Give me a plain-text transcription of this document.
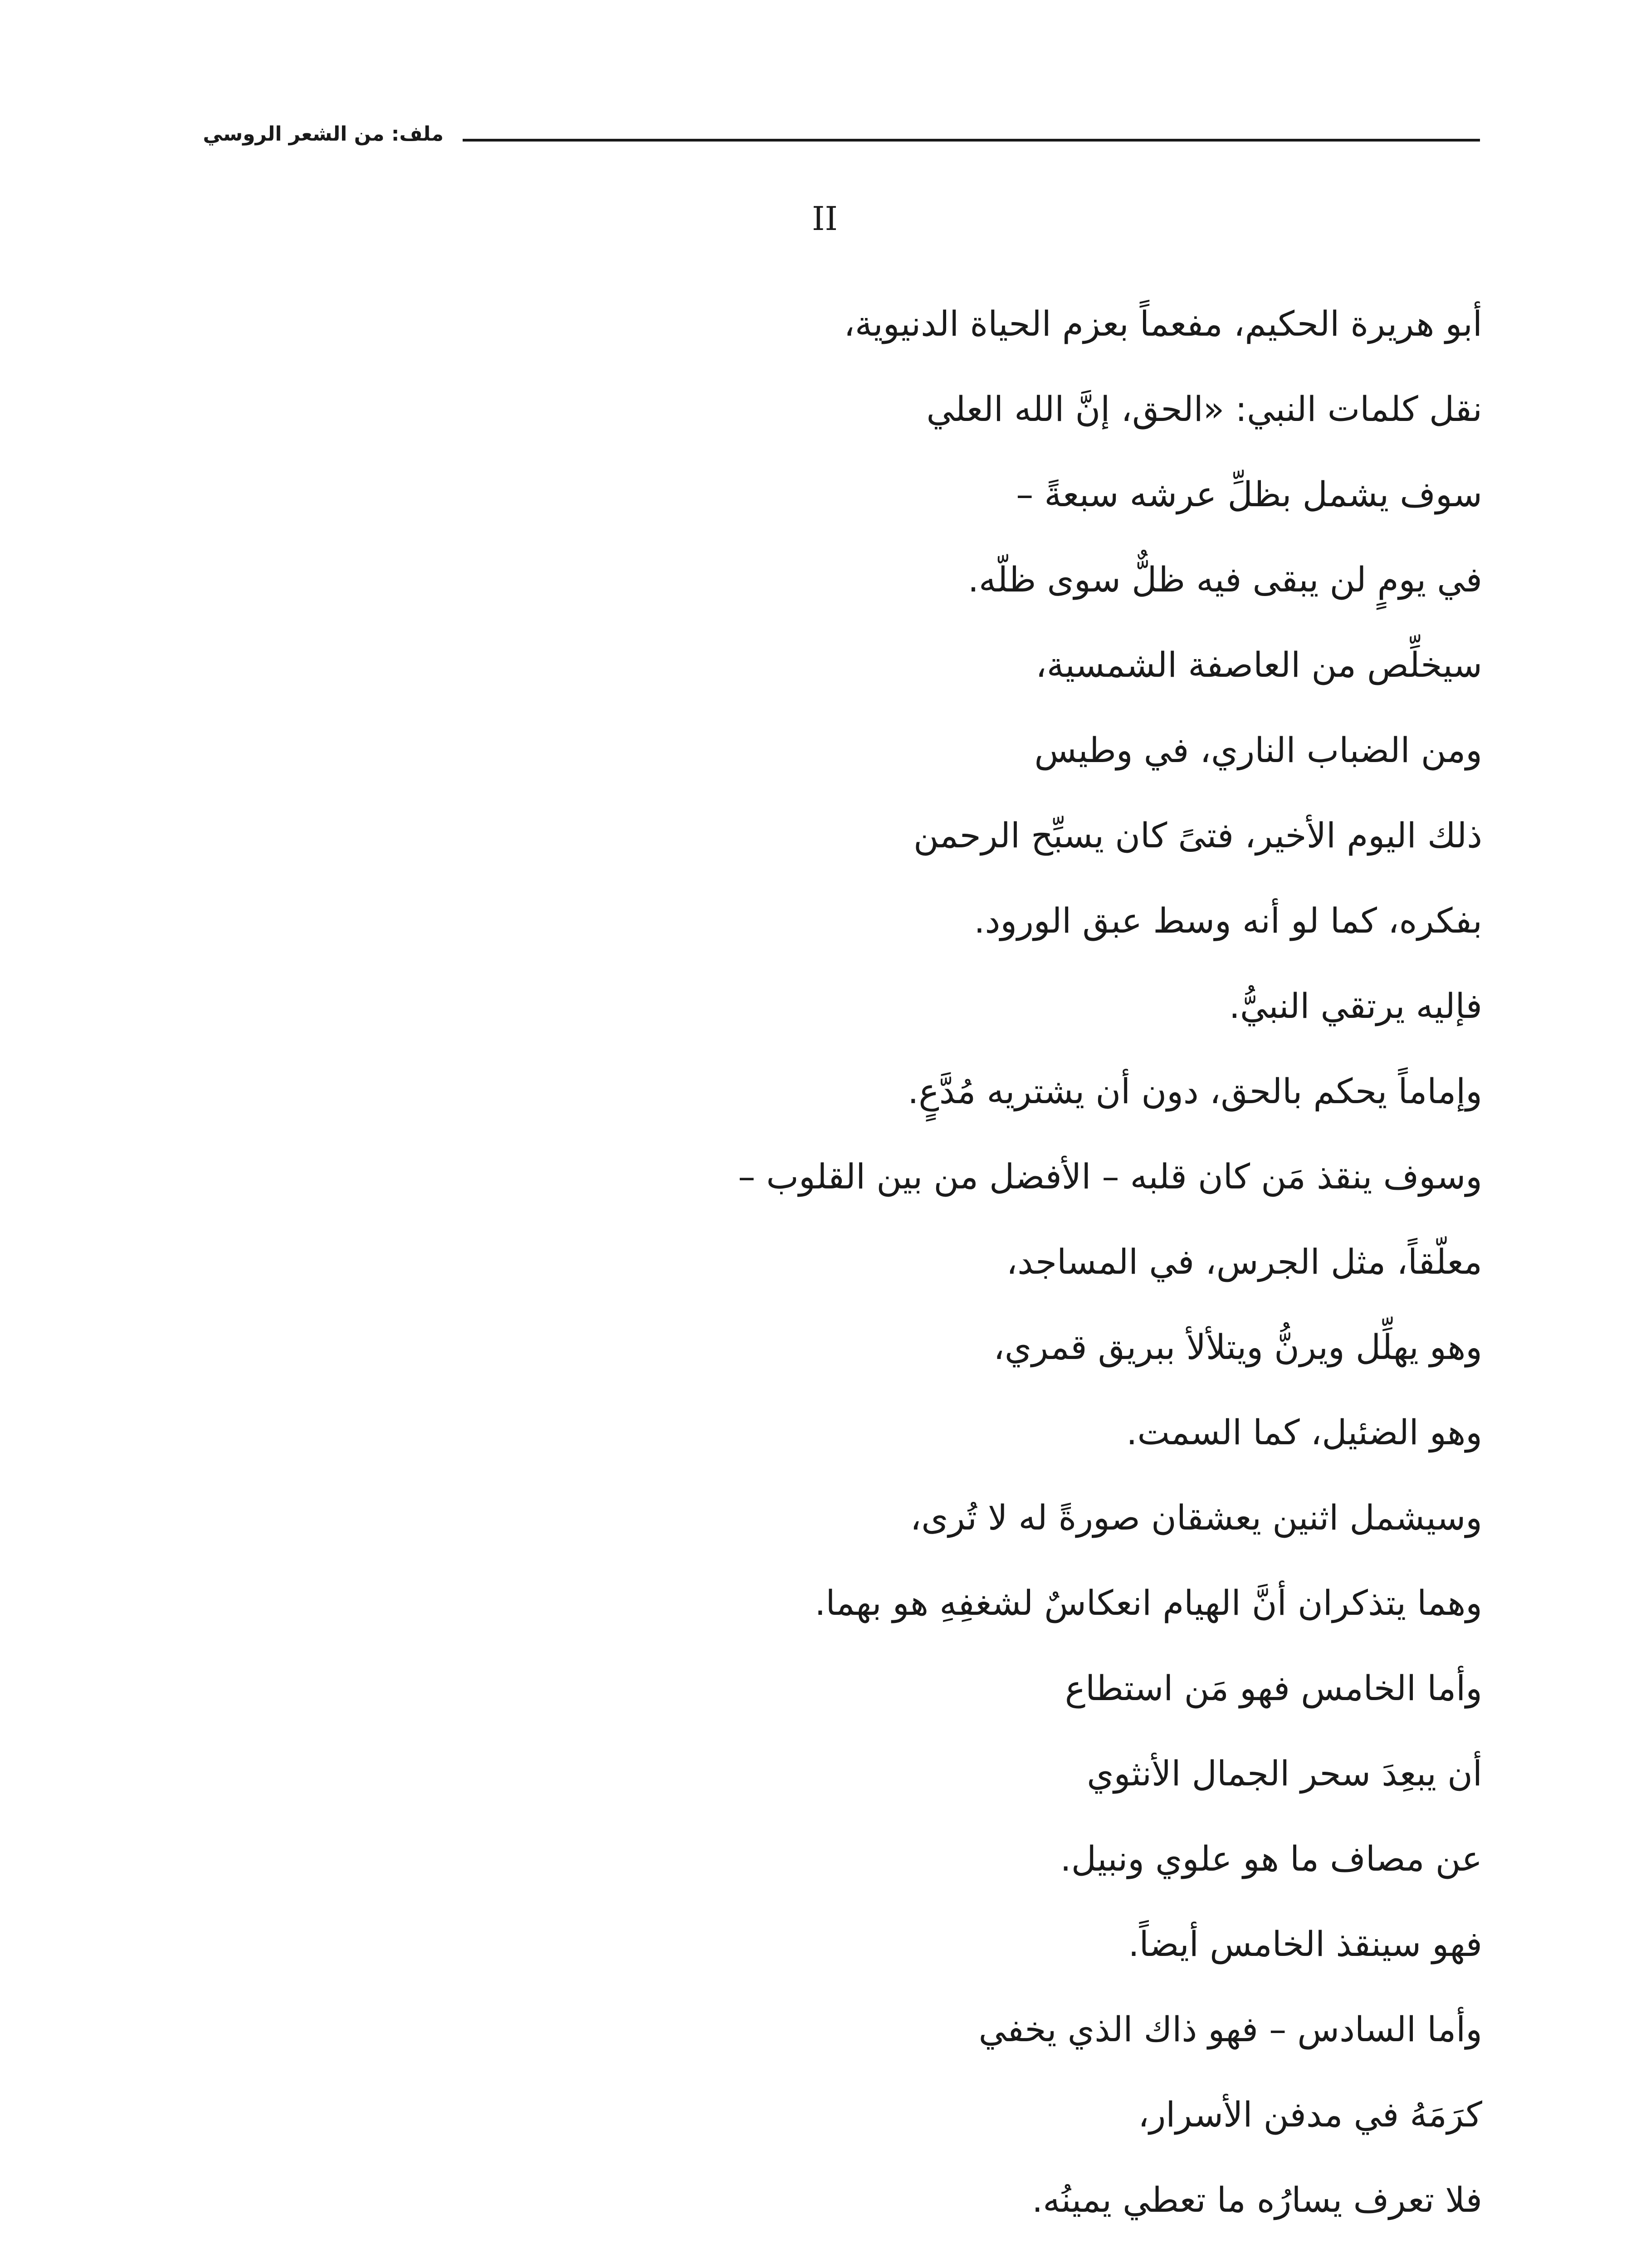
ملف: من الشعر الروسي
II
أبو هريرة الحكيم، مفعماً بعزم الحياة الدنيوية،
نقل كلمات النبي: «الحق، إنَّ الله العلي
سوف يشمل بظلِّ عرشه سبعةً –
في يومٍ لن يبقى فيه ظلٌّ سوى ظلّه.
سيخلِّص من العاصفة الشمسية،
ومن الضباب الناري، في وطيس
ذلك اليوم الأخير، فتىً كان يسبِّح الرحمن
بفكره، كما لو أنه وسط عبق الورود.
فإليه يرتقي النبيُّ.
وإماماً يحكم بالحق، دون أن يشتريه مُدَّعٍ.
وسوف ينقذ مَن كان قلبه – الأفضل من بين القلوب –
معلّقاً، مثل الجرس، في المساجد،
وهو يهلِّل ويرنُّ ويتلألأ ببريق قمري،
وهو الضئيل، كما السمت.
وسيشمل اثنين يعشقان صورةً له لا تُرى،
وهما يتذكران أنَّ الهيام انعكاسٌ لشغفِهِ هو بهما.
وأما الخامس فهو مَن استطاع
أن يبعِدَ سحر الجمال الأنثوي
عن مصاف ما هو علوي ونبيل.
فهو سينقذ الخامس أيضاً.
وأما السادس – فهو ذاك الذي يخفي
كرَمَهُ في مدفن الأسرار،
فلا تعرف يسارُه ما تعطي يمينُه.
